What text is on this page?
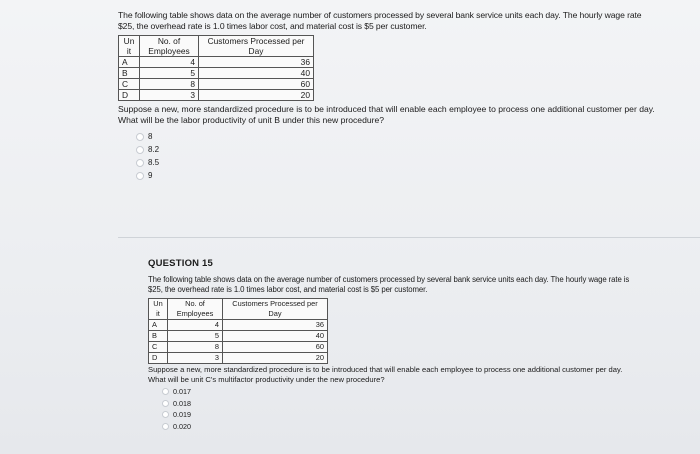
The following table shows data on the average number of customers processed by several bank service units each day. The hourly wage rate
$25, the overhead rate is 1.0 times labor cost, and material cost is $5 per customer.
Un it	No. of Employees	Customers Processed per Day
A	4	36
B	5	40
C	8	60
D	3	20
Suppose a new, more standardized procedure is to be introduced that will enable each employee to process one additional customer per day.
What will be the labor productivity of unit B under this new procedure?
8
8.2
8.5
9
QUESTION 15
The following table shows data on the average number of customers processed by several bank service units each day. The hourly wage rate is
$25, the overhead rate is 1.0 times labor cost, and material cost is $5 per customer.
Un it	No. of Employees	Customers Processed per Day
A	4	36
B	5	40
C	8	60
D	3	20
Suppose a new, more standardized procedure is to be introduced that will enable each employee to process one additional customer per day.
What will be unit C's multifactor productivity under the new procedure?
0.017
0.018
0.019
0.020
